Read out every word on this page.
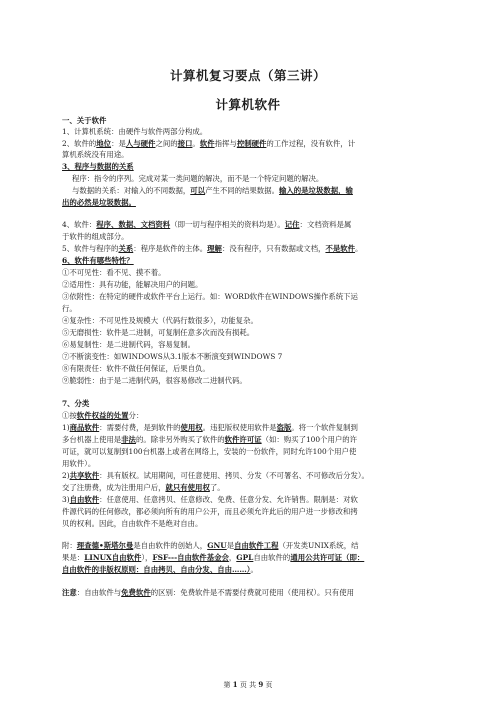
计算机复习要点（第三讲）
计算机软件
一、关于软件
1、计算机系统：由硬件与软件两部分构成。
2、软件的地位：是人与硬件之间的接口。软件指挥与控制硬件的工作过程，没有软件，计
算机系统没有用途。
3、程序与数据的关系
程序：指令的序列。完成对某一类问题的解决，而不是一个特定问题的解决。
与数据的关系：对输入的不同数据，可以产生不同的结果数据。输入的是垃圾数据，输
出的必然是垃圾数据。
4、软件：程序、数据、文档资料（即一切与程序相关的资料均是）。记住：文档资料是属
于软件的组成部分。
5、软件与程序的关系：程序是软件的主体。理解：没有程序，只有数据或文档，不是软件。
6、软件有哪些特性？
①不可见性：看不见、摸不着。
②适用性：具有功能，能解决用户的问题。
③依附性：在特定的硬件或软件平台上运行。如：WORD软件在WINDOWS操作系统下运
行。
④复杂性：不可见性及规模大（代码行数很多），功能复杂。
⑤无磨损性：软件是二进制，可复制任意多次而没有损耗。
⑥易复制性：是二进制代码，容易复制。
⑦不断演变性：如WINDOWS从3.1版本不断演变到WINDOWS 7
⑧有限责任：软件不做任何保证，后果自负。
⑨脆弱性：由于是二进制代码，很容易修改二进制代码。
7、分类
①按软件权益的处置分：
1)商品软件：需要付费，是到软件的使用权。违犯版权使用软件是盗版。将一个软件复制到
多台机器上使用是非法的。除非另外购买了软件的软件许可证（如：购买了100个用户的许
可证，就可以复制到100台机器上或者在网络上，安装的一份软件，同时允许100个用户使
用软件）。
2)共享软件：具有版权。试用期间，可任意使用、拷贝、分发（不可署名、不可修改后分发）。
交了注册费，成为注册用户后，就只有使用权了。
3)自由软件：任意使用、任意拷贝、任意修改、免费、任意分发、允许销售。限制是：对软
件源代码的任何修改，都必须向所有的用户公开，而且必须允许此后的用户进一步修改和拷
贝的权利。因此，自由软件不是绝对自由。
附：理查德•斯塔尔曼是自由软件的创始人，GNU是自由软件工程（开发类UNIX系统，结
果是：LINUX自由软件），FSF---自由软件基金会，GPL自由软件的通用公共许可证（即：
自由软件的非版权原则：自由拷贝、自由分发、自由……）。
注意：自由软件与免费软件的区别：免费软件是不需要付费就可使用（使用权）。只有使用
第 1 页 共 9 页
